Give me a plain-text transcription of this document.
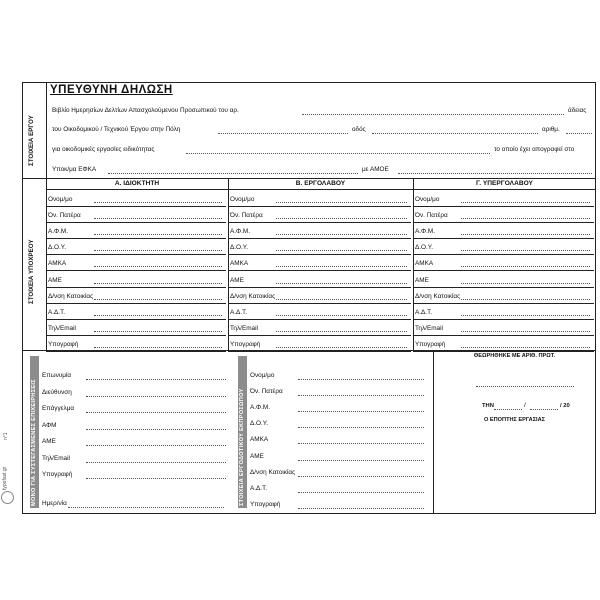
ΥΠΕΥΘΥΝΗ ΔΗΛΩΣΗ
ΣΤΟΙΧΕΙΑ ΕΡΓΟΥ
Βιβλίο Ημερησίων Δελτίων Απασχολούμενου Προσωπικού του αρ.	άδειας
του Οικοδομικού / Τεχνικού Έργου στην Πόλη	οδός	αριθμ.
για οικοδομικές εργασίες ειδικότητας	το οποίο έχει απογραφεί στο
Υποκ/μα ΕΦΚΑ	με ΑΜΟΕ
ΣΤΟΙΧΕΙΑ ΥΠΟΧΡΕΟΥ
Α. ΙΔΙΟΚΤΗΤΗ	Β. ΕΡΓΟΛΑΒΟΥ	Γ. ΥΠΕΡΓΟΛΑΒΟΥ
Ονομ/μο	Ονομ/μο	Ονομ/μο
Όν. Πατέρα	Όν. Πατέρα	Όν. Πατέρα
Α.Φ.Μ.	Α.Φ.Μ.	Α.Φ.Μ.
Δ.Ο.Υ.	Δ.Ο.Υ.	Δ.Ο.Υ.
ΑΜΚΑ	ΑΜΚΑ	ΑΜΚΑ
ΑΜΕ	ΑΜΕ	ΑΜΕ
Δ/νση Κατοικίας	Δ/νση Κατοικίας	Δ/νση Κατοικίας
Α.Δ.Τ.	Α.Δ.Τ.	Α.Δ.Τ.
Τηλ/Email	Τηλ/Email	Τηλ/Email
Υπογραφή	Υπογραφή	Υπογραφή
ΜΟΝΟ ΓΙΑ ΣΥΣΤΕΓΑΣΜΕΝΕΣ ΕΠΙΧΕΙΡΗΣΕΙΣ
Επωνυμία
Διεύθυνση
Επάγγελμα
ΑΦΜ
ΑΜΕ
Τηλ/Email
Υπογραφή
Ημερ/νία	ΣΤΟΙΧΕΙΑ ΕΡΓΟΔΟΤΙΚΟΥ ΕΚΠΡΟΣΩΠΟΥ
Ονομ/μο
Όν. Πατέρα
Α.Φ.Μ.
Δ.Ο.Υ.
ΑΜΚΑ
ΑΜΕ
Δ/νση Κατοικίας
Α.Δ.Τ.
Υπογραφή
ΘΕΩΡΗΘΗΚΕ ΜΕ ΑΡΙΘ. ΠΡΩΤ.
ΤΗΝ	/	/ 20
Ο ΕΠΟΠΤΗΣ ΕΡΓΑΣΙΑΣ
typofast.gr
n°1
